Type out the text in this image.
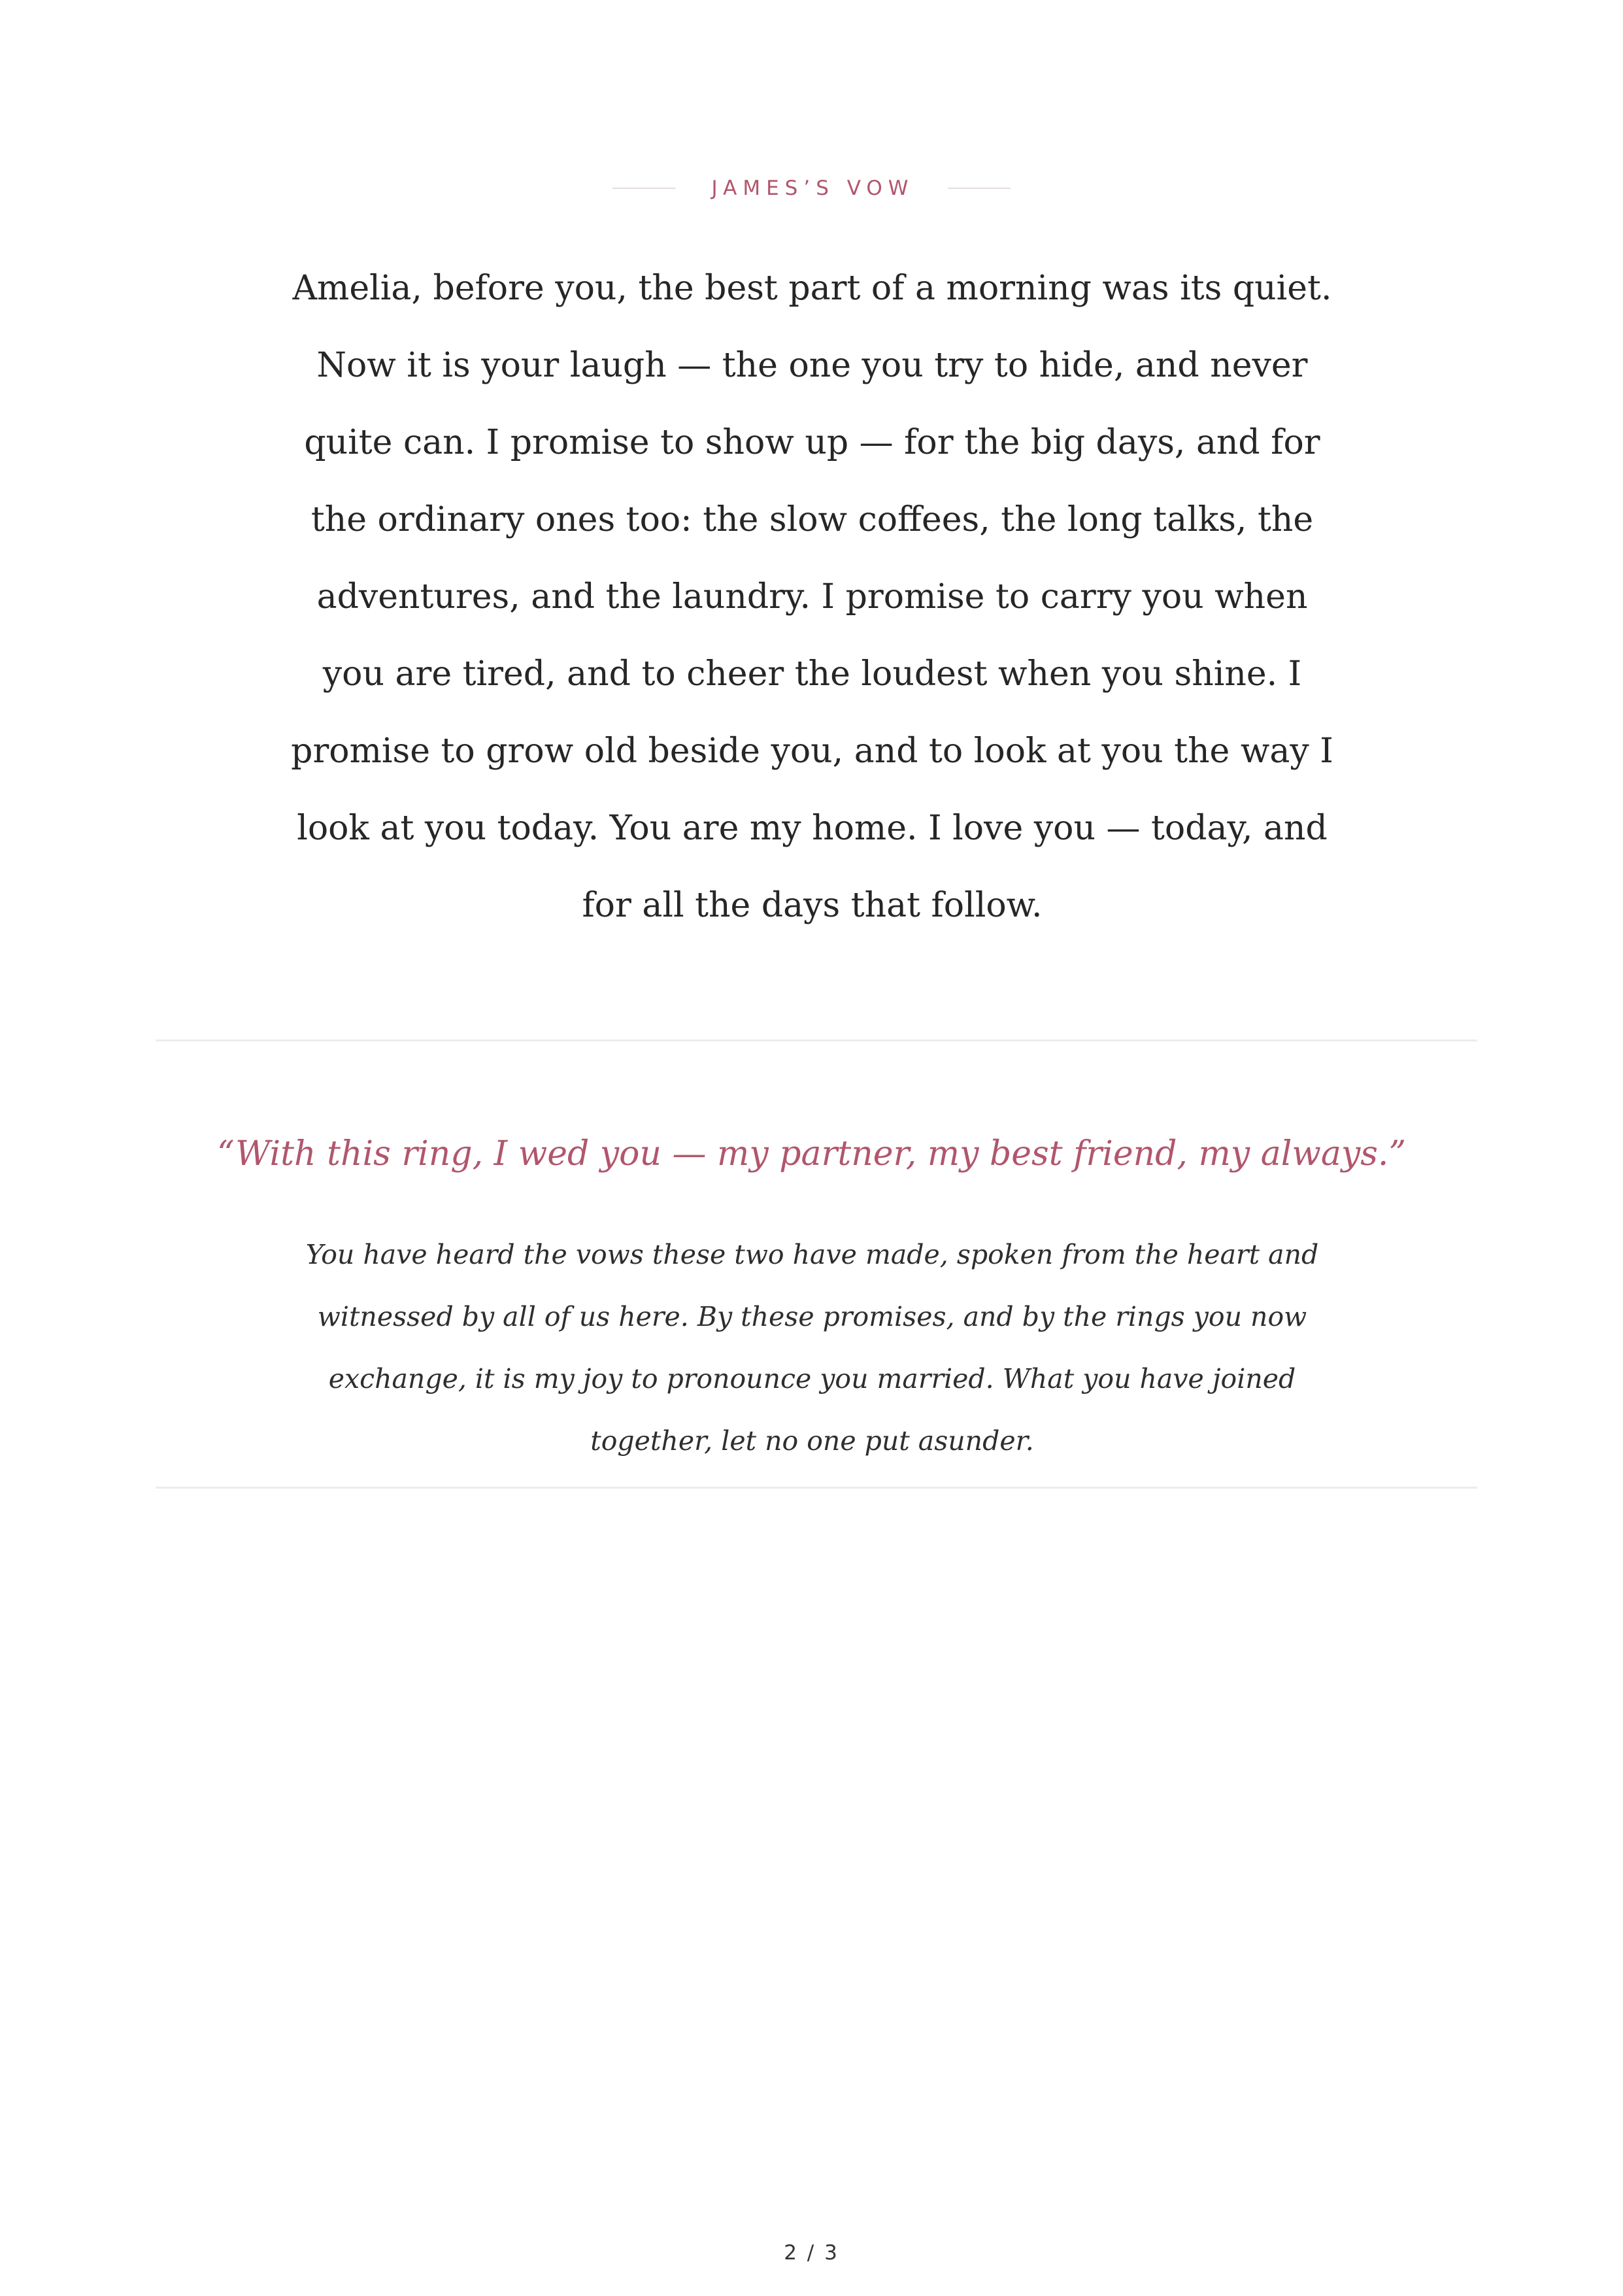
JAMES’S VOW

Amelia, before you, the best part of a morning was its quiet. Now it is your laugh — the one you try to hide, and never quite can. I promise to show up — for the big days, and for the ordinary ones too: the slow coffees, the long talks, the adventures, and the laundry. I promise to carry you when you are tired, and to cheer the loudest when you shine. I promise to grow old beside you, and to look at you the way I look at you today. You are my home. I love you — today, and for all the days that follow.

“With this ring, I wed you — my partner, my best friend, my always.”

You have heard the vows these two have made, spoken from the heart and witnessed by all of us here. By these promises, and by the rings you now exchange, it is my joy to pronounce you married. What you have joined together, let no one put asunder.

2 / 3
